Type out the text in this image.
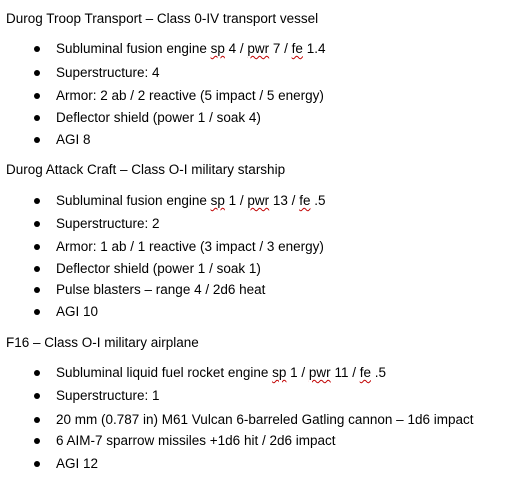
Durog Troop Transport – Class 0-IV transport vessel
Subluminal fusion engine sp 4 / pwr 7 / fe 1.4
Superstructure: 4
Armor: 2 ab / 2 reactive (5 impact / 5 energy)
Deflector shield (power 1 / soak 4)
AGI 8
Durog Attack Craft – Class O-I military starship
Subluminal fusion engine sp 1 / pwr 13 / fe .5
Superstructure: 2
Armor: 1 ab / 1 reactive (3 impact / 3 energy)
Deflector shield (power 1 / soak 1)
Pulse blasters – range 4 / 2d6 heat
AGI 10
F16 – Class O-I military airplane
Subluminal liquid fuel rocket engine sp 1 / pwr 11 / fe .5
Superstructure: 1
20 mm (0.787 in) M61 Vulcan 6-barreled Gatling cannon – 1d6 impact
6 AIM-7 sparrow missiles +1d6 hit / 2d6 impact
AGI 12
